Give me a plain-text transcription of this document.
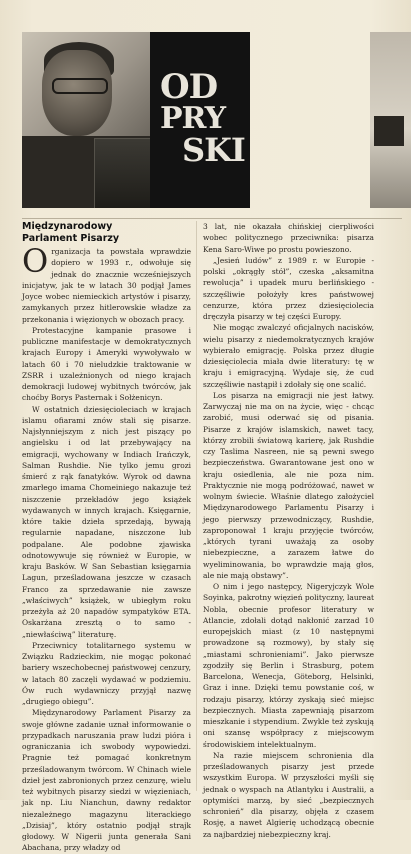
OD
PRY
SKI
Międzynarodowy
Parlament Pisarzy

Organizacja ta powstała wprawdzie dopiero w 1993 r., odwołuje się jednak do znacznie wcześniejszych inicjatyw, jak te w latach 30 podjął James Joyce wobec niemieckich artystów i pisarzy, zamykanych przez hitlerowskie władze za przekonania i więzionych w obozach pracy.

Protestacyjne kampanie prasowe i publiczne manifestacje w demokratycznych krajach Europy i Ameryki wywoływało w latach 60 i 70 nieludzkie traktowanie w ZSRR i uzależnionych od niego krajach demokracji ludowej wybitnych twórców, jak choćby Borys Pasternak i Sołżenicyn.

W ostatnich dziesięcioleciach w krajach islamu ofiarami znów stali się pisarze. Najsłynniejszym z nich jest piszący po angielsku i od lat przebywający na emigracji, wychowany w Indiach Irańczyk, Salman Rushdie. Nie tylko jemu grozi śmierć z rąk fanatyków. Wyrok od dawna zmarłego imama Chomeiniego nakazuje też niszczenie przekładów jego książek wydawanych w innych krajach. Księgarnie, które takie dzieła sprzedają, bywają regularnie napadane, niszczone lub podpalane. Ale podobne zjawiska odnotowywuje się również w Europie, w kraju Basków. W San Sebastian księgarnia Lagun, prześladowana jeszcze w czasach Franco za sprzedawanie nie zawsze „właściwych” książek, w ubiegłym roku przeżyła aż 20 napadów sympatyków ETA. Oskarżana zresztą o to samo - „niewłaściwą” literaturę.

Przeciwnicy totalitarnego systemu w Związku Radzieckim, nie mogąc pokonać bariery wszechobecnej państwowej cenzury, w latach 80 zaczęli wydawać w podziemiu. Ów ruch wydawniczy przyjął nazwę „drugiego obiegu”.

Międzynarodowy Parlament Pisarzy za swoje główne zadanie uznał informowanie o przypadkach naruszania praw ludzi pióra i ograniczania ich swobody wypowiedzi. Pragnie też pomagać konkretnym prześladowanym twórcom. W Chinach wiele dzieł jest zabronionych przez cenzurę, wielu też wybitnych pisarzy siedzi w więzieniach, jak np. Liu Nianchun, dawny redaktor niezależnego magazynu literackiego „Dzisiaj”, który ostatnio podjął strajk głodowy. W Nigerii junta generała Sani Abachana, przy władzy od

3 lat, nie okazała chińskiej cierpliwości wobec politycznego przeciwnika: pisarza Kena Saro-Wiwe po prostu powieszono.

„Jesień ludów” z 1989 r. w Europie - polski „okrągły stół”, czeska „aksamitna rewolucja” i upadek muru berlińskiego - szczęśliwie położyły kres państwowej cenzurze, która przez dziesięciolecia dręczyła pisarzy w tej części Europy.

Nie mogąc zwalczyć oficjalnych nacisków, wielu pisarzy z niedemokratycznych krajów wybierało emigrację. Polska przez długie dziesięciolecia miała dwie literatury: tę w kraju i emigracyjną. Wydaje się, że cud szczęśliwie nastąpił i zdołały się one scalić.

Los pisarza na emigracji nie jest łatwy. Zarwyczaj nie ma on na życie, więc - chcąc zarobić, musi oderwać się od pisania. Pisarze z krajów islamskich, nawet tacy, którzy zrobili światową karierę, jak Rushdie czy Taslima Nasreen, nie są pewni swego bezpieczeństwa. Gwarantowane jest ono w kraju osiedlenia, ale nie poza nim. Praktycznie nie mogą podróżować, nawet w wolnym świecie. Właśnie dlatego założyciel Międzynarodowego Parlamentu Pisarzy i jego pierwszy przewodniczący, Rushdie, zaproponował 1 kraju przyjęcie twórców, „których tyrani uważają za osoby niebezpieczne, a zarazem łatwe do wyeliminowania, bo wprawdzie mają głos, ale nie mają obstawy”.

O nim i jego następcy, Nigeryjczyk Wole Soyinka, pakrotny więzień polityczny, laureat Nobla, obecnie profesor literatury w Atlancie, zdołali dotąd nakłonić zarzad 10 europejskich miast (z 10 następnymi prowadzone są rozmowy), by stały się „miastami schronieniami”. Jako pierwsze zgodziły się Berlin i Strasburg, potem Barcelona, Wenecja, Göteborg, Helsinki, Graz i inne. Dzięki temu powstanie coś, w rodzaju pisarzy, którzy zyskają sieć miejsc bezpiecznych. Miasta zapewniają pisarzom mieszkanie i stypendium. Zwykle też zyskują oni szansę współpracy z miejscowym środowiskiem intelektualnym.

Na razie miejscem schronienia dla prześladowanych pisarzy jest przede wszystkim Europa. W przyszłości myśli się jednak o wyspach na Atlantyku i Australii, a optymiści marzą, by sieć „bezpiecznych schronień” dla pisarzy, objęła z czasem Rosję, a nawet Algierię uchodzącą obecnie za najbardziej niebezpieczny kraj.
